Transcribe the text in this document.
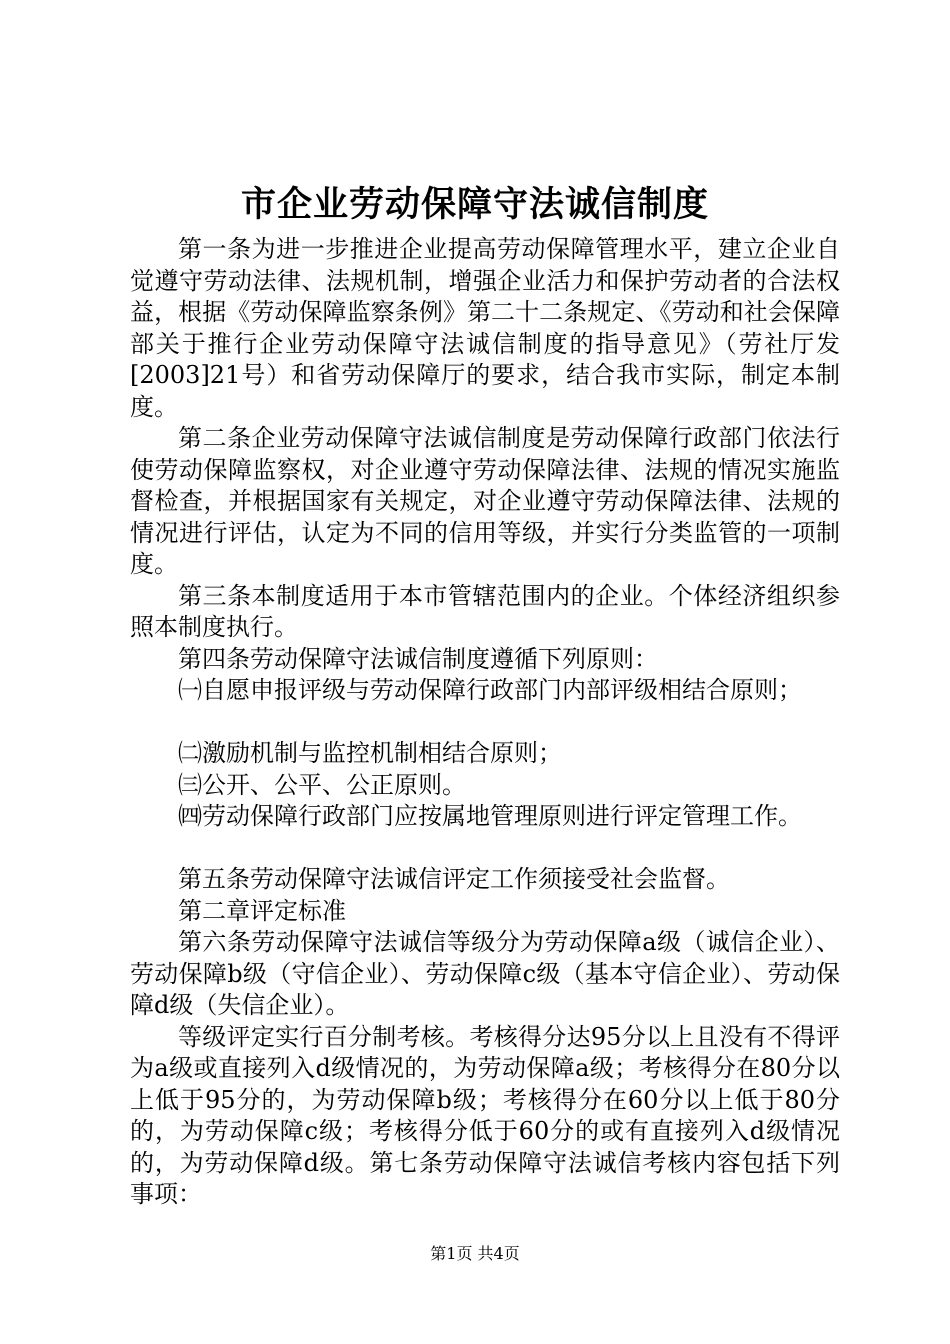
市企业劳动保障守法诚信制度

第一条为进一步推进企业提高劳动保障管理水平，建立企业自觉遵守劳动法律、法规机制，增强企业活力和保护劳动者的合法权益，根据《劳动保障监察条例》第二十二条规定、《劳动和社会保障部关于推行企业劳动保障守法诚信制度的指导意见》（劳社厅发[2003]21号）和省劳动保障厅的要求，结合我市实际，制定本制度。

第二条企业劳动保障守法诚信制度是劳动保障行政部门依法行使劳动保障监察权，对企业遵守劳动保障法律、法规的情况实施监督检查，并根据国家有关规定，对企业遵守劳动保障法律、法规的情况进行评估，认定为不同的信用等级，并实行分类监管的一项制度。

第三条本制度适用于本市管辖范围内的企业。个体经济组织参照本制度执行。

第四条劳动保障守法诚信制度遵循下列原则：

㈠自愿申报评级与劳动保障行政部门内部评级相结合原则；

㈡激励机制与监控机制相结合原则；

㈢公开、公平、公正原则。

㈣劳动保障行政部门应按属地管理原则进行评定管理工作。

第五条劳动保障守法诚信评定工作须接受社会监督。

第二章评定标准

第六条劳动保障守法诚信等级分为劳动保障a级（诚信企业）、劳动保障b级（守信企业）、劳动保障c级（基本守信企业）、劳动保障d级（失信企业）。

等级评定实行百分制考核。考核得分达95分以上且没有不得评为a级或直接列入d级情况的，为劳动保障a级；考核得分在80分以上低于95分的，为劳动保障b级；考核得分在60分以上低于80分的，为劳动保障c级；考核得分低于60分的或有直接列入d级情况的，为劳动保障d级。第七条劳动保障守法诚信考核内容包括下列事项：

第1页 共4页
